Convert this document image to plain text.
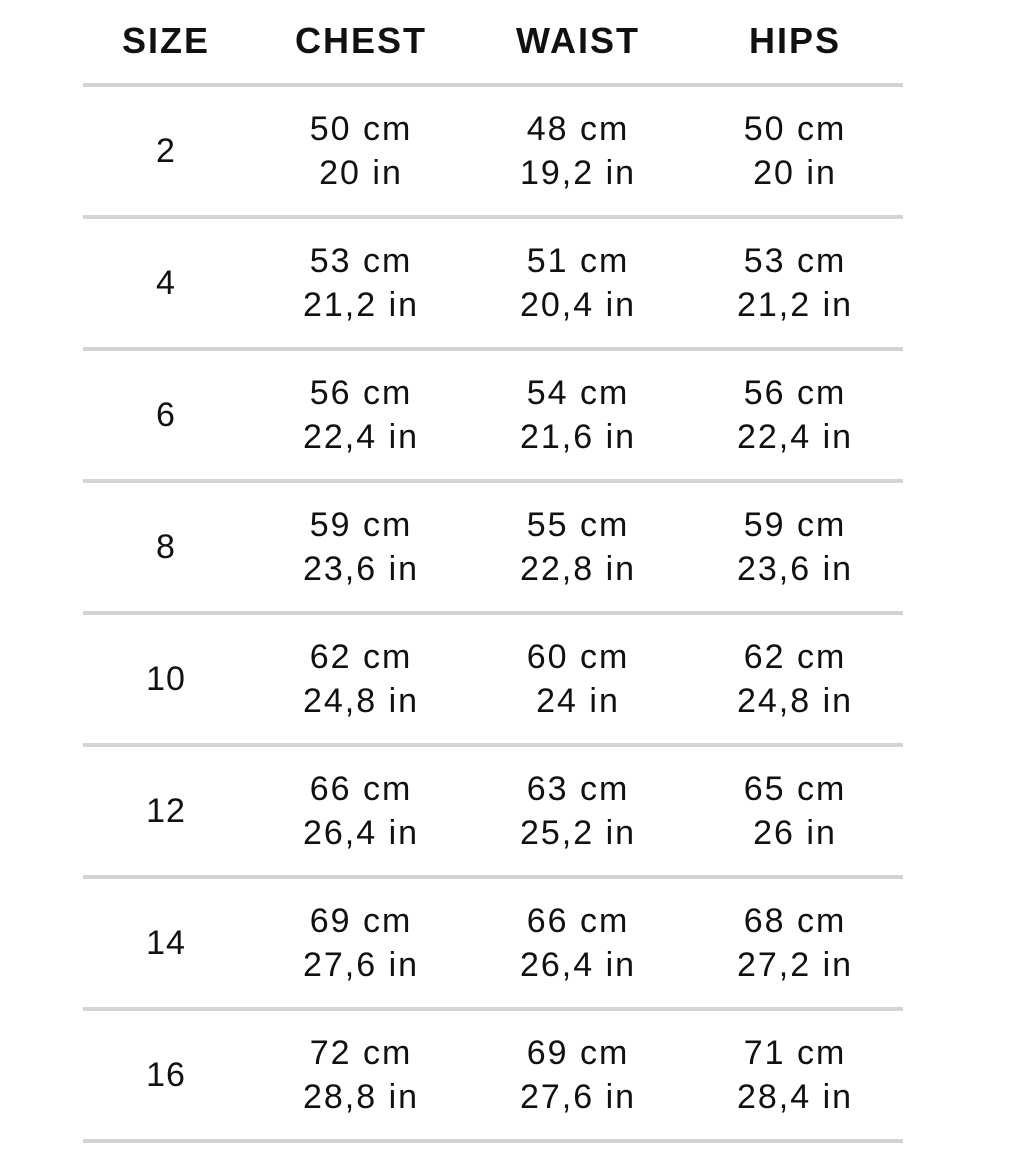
SIZE CHEST WAIST	HIPS
2
50 cm
20 in
48 cm
19,2 in
50 cm
20 in
4
53 cm
21,2 in
51 cm
20,4 in
53 cm
21,2 in
6
56 cm
22,4 in
54 cm
21,6 in
56 cm
22,4 in
8
59 cm
23,6 in
55 cm
22,8 in
59 cm
23,6 in
10
62 cm
24,8 in
60 cm
24 in
62 cm
24,8 in
12
66 cm
26,4 in
63 cm
25,2 in
65 cm
26 in
14
69 cm
27,6 in
66 cm
26,4 in
68 cm
27,2 in
16
72 cm
28,8 in
69 cm
27,6 in
71 cm
28,4 in
